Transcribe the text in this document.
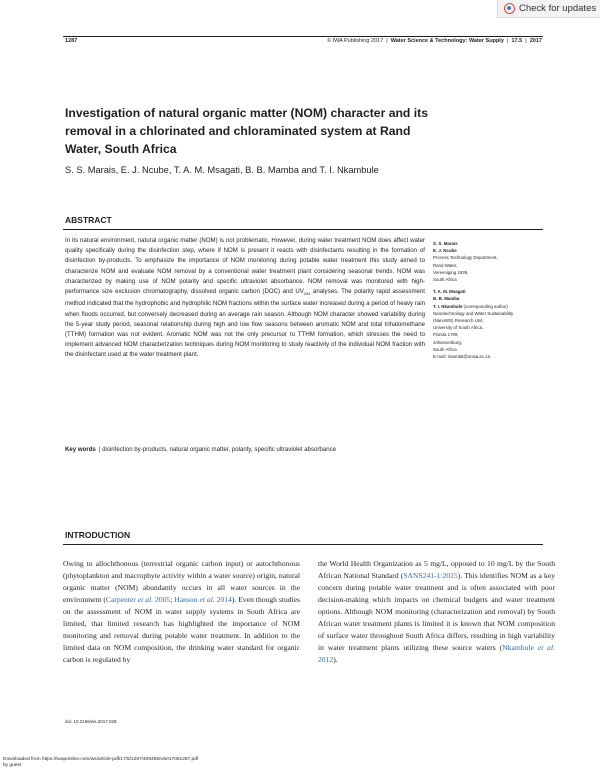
Check for updates
1287	© IWA Publishing 2017  |  Water Science & Technology: Water Supply  |  17.5  |  2017
Investigation of natural organic matter (NOM) character and its removal in a chlorinated and chloraminated system at Rand Water, South Africa
S. S. Marais, E. J. Ncube, T. A. M. Msagati, B. B. Mamba and T. I. Nkambule
ABSTRACT

In its natural environment, natural organic matter (NOM) is not problematic. However, during water treatment NOM does affect water quality specifically during the disinfection step, where if NOM is present it reacts with disinfectants resulting in the formation of disinfection by-products. To emphasize the importance of NOM monitoring during potable water treatment this study aimed to characterize NOM and evaluate NOM removal by a conventional water treatment plant considering seasonal trends. NOM was characterized by making use of NOM polarity and specific ultraviolet absorbance. NOM removal was monitored with high-performance size exclusion chromatography, dissolved organic carbon (DOC) and $UV_{254}$ analyses. The polarity rapid assessment method indicated that the hydrophobic and hydrophilic NOM fractions within the surface water increased during a period of heavy rain when floods occurred, but conversely decreased during an average rain season. Although NOM character showed variability during the 5-year study period, seasonal relationship during high and low flow seasons between aromatic NOM and total trihalomethane (TTHM) formation was not evident. Aromatic NOM was not the only precursor to TTHM formation, which stresses the need to implement advanced NOM characterization techniques during NOM monitoring to study reactivity of the individual NOM fraction with the disinfectant used at the water treatment plant.

Key words | disinfection by-products, natural organic matter, polarity, specific ultraviolet absorbance
S. S. Marais
E. J. Ncube
Process Technology Department,
Rand Water,
Vereeniging 1939,
South Africa
T. A. M. Msagati
B. B. Mamba
T. I. Nkambule (corresponding author)
Nanotechnology and Water Sustainability
(NanoWS) Research Unit,
University of South Africa,
Florida 1709,
Johannesburg,
South Africa
E-mail: nkambti@unisa.ac.za
INTRODUCTION

Owing to allochthonous (terrestrial organic carbon input) or autochthonous (phytoplankton and macrophyte activity within a water source) origin, natural organic matter (NOM) abundantly occurs in all water sources in the environment (Carpenter et al. 2005; Hanson et al. 2014). Even though studies on the assessment of NOM in water supply systems in South Africa are limited, that limited research has highlighted the importance of NOM monitoring and removal during potable water treatment. In addition to the limited data on NOM composition, the drinking water standard for organic carbon is regulated by

the World Health Organization as 5 mg/L, opposed to 10 mg/L by the South African National Standard (SANS241-1:2015). This identifies NOM as a key concern during potable water treatment and is often associated with poor decision-making which impacts on chemical budgets and water treatment options. Although NOM monitoring (characterization and removal) by South African water treatment plants is limited it is known that NOM composition of surface water throughout South Africa differs, resulting in high variability in water treatment plants utilizing these source waters (Nkambule et al. 2012).

doi: 10.2166/ws.2017.028
Downloaded from https://iwaponline.com/ws/article-pdf/17/5/1287/409456/ws017051287.pdf
by guest
